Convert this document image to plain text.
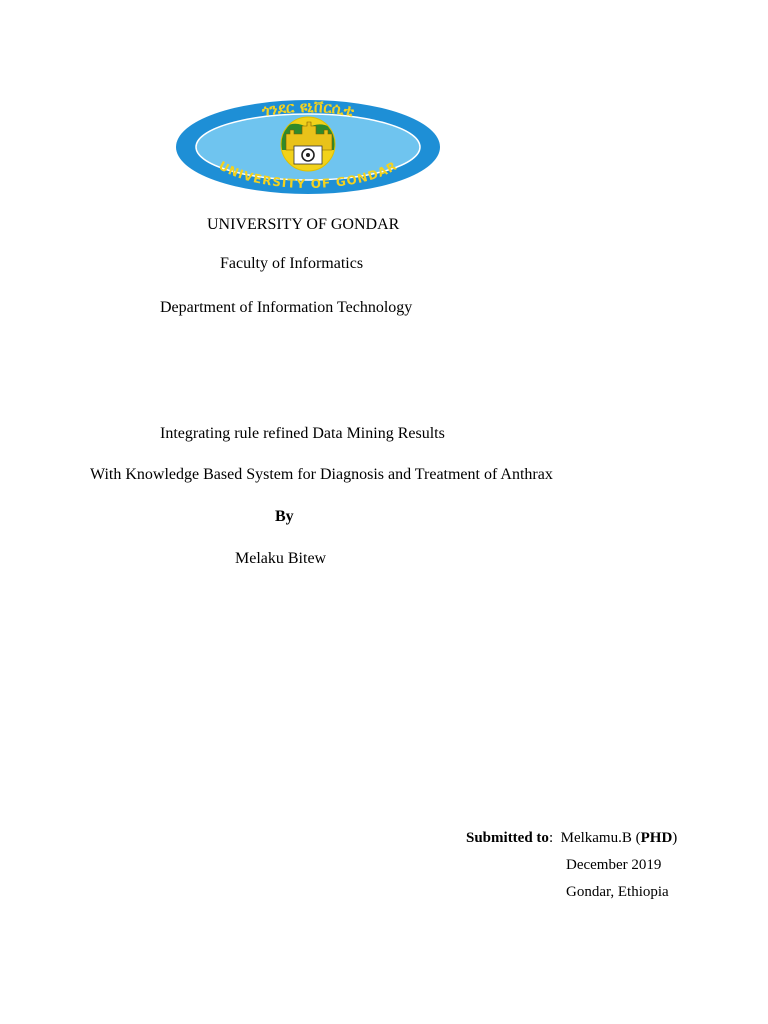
ጎንደር ዩኒቨርሲቲ
UNIVERSITY OF GONDAR
UNIVERSITY OF GONDAR
Faculty of Informatics
Department of Information Technology
Integrating rule refined Data Mining Results
With Knowledge Based System for Diagnosis and Treatment of Anthrax
By
Melaku Bitew
Submitted to: Melkamu.B (PHD)
December 2019
Gondar, Ethiopia
